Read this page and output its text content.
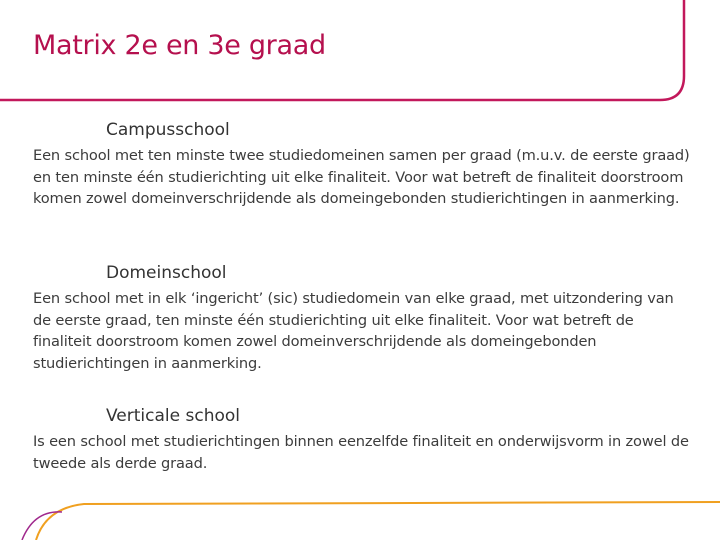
Matrix 2e en 3e graad
Campusschool

Een school met ten minste twee studiedomeinen samen per graad (m.u.v. de eerste graad) en ten minste één studierichting uit elke finaliteit. Voor wat betreft de finaliteit doorstroom komen zowel domeinverschrijdende als domeingebonden studierichtingen in aanmerking.

Domeinschool

Een school met in elk ‘ingericht’ (sic) studiedomein van elke graad, met uitzondering van de eerste graad, ten minste één studierichting uit elke finaliteit. Voor wat betreft de finaliteit doorstroom komen zowel domeinverschrijdende als domeingebonden studierichtingen in aanmerking.

Verticale school

Is een school met studierichtingen binnen eenzelfde finaliteit en onderwijsvorm in zowel de tweede als derde graad.
